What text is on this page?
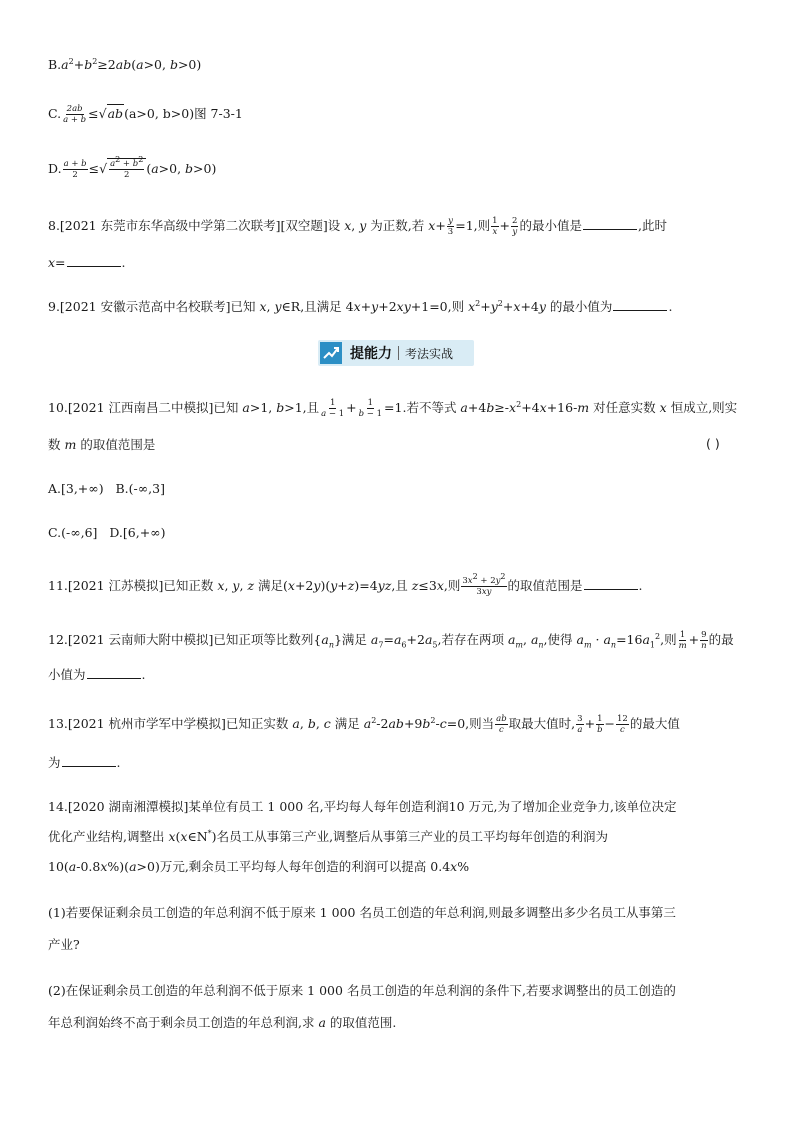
$B.a^2+b^2\ge 2ab(a>0$, b>0)
C. $\frac{2ab}{a + b} \le√ab(a>0$, b>0)图 7-3-1
D. $\frac{a + b}{2}$ ≤√ $\frac{a^2 + b^2}{2} (a>0$, b>0)
8.[2021 东莞市东华高级中学第二次联考][双空题]设 x, y 为正数,若 $x+ \frac{y}{3} =1$,则 $\frac{1}{x} + \frac{2}{y}$ 的最小值是	,此时
x=	.
9.[2021 安徽示范高中名校联考]已知 x, y∈R,且满足 4x+y+2xy+1=0,则 $x^2+y^2+x+4y$ 的最小值为	.
提能力 考法实战
10.[2021 江西南昌二中模拟]已知 a>1, b>1,且 $\frac{1}{a - 1} + \frac{1}{b - 1} =1$.若不等式 $a+4b\ge-x^2+4x+16-m$ 对任意实数 x 恒成立,则实
数 m 的取值范围是	( )
A.[3,+∞) B.(-∞,3]
C.(-∞,6] D.[6,+∞)
11.[2021 江苏模拟]已知正数 x, y, z 满足(x+2y)(y+z)=4yz,且 z≤3x,则 $\frac{3x^2 + 2y^2}{3xy}$ 的取值范围是	.
12.[2021 云南师大附中模拟]已知正项等比数列$\{a_n\}$满足 $a_7=a_6+2a_5$,若存在两项 $a_m$, $a_n$,使得 $a_m \cdot a_n=16a_1^2$,则 $\frac{1}{m} + \frac{9}{n}$ 的最
小值为	.
13.[2021 杭州市学军中学模拟]已知正实数 a, b, c 满足 $a^2-2ab+9b^2-c=0$,则当 $\frac{ab}{c}$ 取最大值时, $\frac{3}{a} + \frac{1}{b} - \frac{12}{c}$ 的最大值
为	.
14.[2020 湖南湘潭模拟]某单位有员工 1 000 名,平均每人每年创造利润10 万元,为了增加企业竞争力,该单位决定
优化产业结构,调整出 x(x∈N*)名员工从事第三产业,调整后从事第三产业的员工平均每年创造的利润为
10(a-0.8x%)(a>0)万元,剩余员工平均每人每年创造的利润可以提高 0.4x%
(1)若要保证剩余员工创造的年总利润不低于原来 1 000 名员工创造的年总利润,则最多调整出多少名员工从事第三
产业?
(2)在保证剩余员工创造的年总利润不低于原来 1 000 名员工创造的年总利润的条件下,若要求调整出的员工创造的
年总利润始终不高于剩余员工创造的年总利润,求 a 的取值范围.
